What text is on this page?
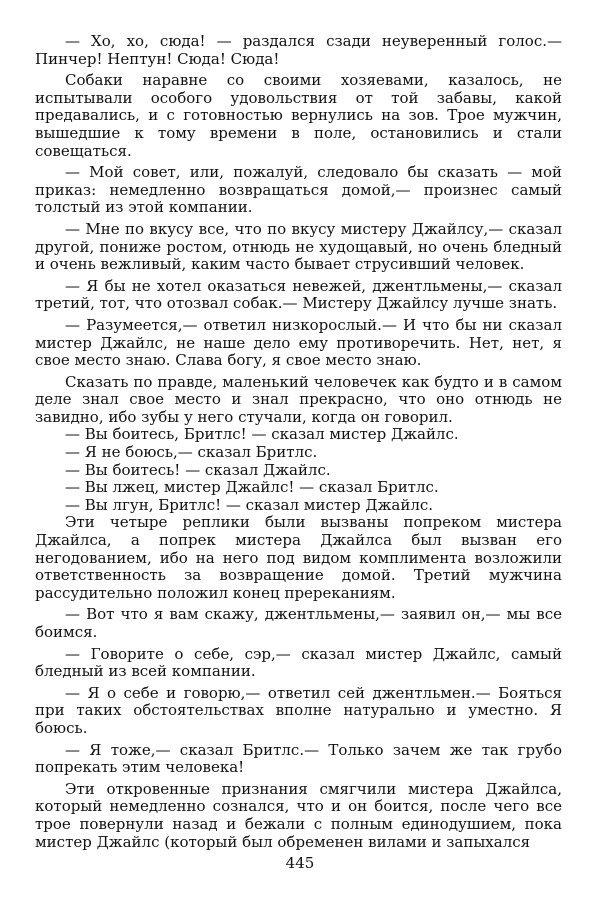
— Хо, хо, сюда! — раздался сзади неуверенный голос.— Пинчер! Нептун! Сюда! Сюда!

Собаки наравне со своими хозяевами, казалось, не испытывали особого удовольствия от той забавы, какой предавались, и с готовностью вернулись на зов. Трое мужчин, вышедшие к тому времени в поле, остановились и стали совещаться.

— Мой совет, или, пожалуй, следовало бы сказать — мой приказ: немедленно возвращаться домой,— произнес самый толстый из этой компании.

— Мне по вкусу все, что по вкусу мистеру Джайлсу,— сказал другой, пониже ростом, отнюдь не худощавый, но очень бледный и очень вежливый, каким часто бывает струсивший человек.

— Я бы не хотел оказаться невежей, джентльмены,— сказал третий, тот, что отозвал собак.— Мистеру Джайлсу лучше знать.

— Разумеется,— ответил низкорослый.— И что бы ни сказал мистер Джайлс, не наше дело ему противоречить. Нет, нет, я свое место знаю. Слава богу, я свое место знаю.

Сказать по правде, маленький человечек как будто и в самом деле знал свое место и знал прекрасно, что оно отнюдь не завидно, ибо зубы у него стучали, когда он говорил.

— Вы боитесь, Бритлс! — сказал мистер Джайлс.

— Я не боюсь,— сказал Бритлс.

— Вы боитесь! — сказал Джайлс.

— Вы лжец, мистер Джайлс! — сказал Бритлс.

— Вы лгун, Бритлс! — сказал мистер Джайлс.

Эти четыре реплики были вызваны попреком мистера Джайлса, а попрек мистера Джайлса был вызван его негодованием, ибо на него под видом комплимента возложили ответственность за возвращение домой. Третий мужчина рассудительно положил конец пререканиям.

— Вот что я вам скажу, джентльмены,— заявил он,— мы все боимся.

— Говорите о себе, сэр,— сказал мистер Джайлс, самый бледный из всей компании.

— Я о себе и говорю,— ответил сей джентльмен.— Бояться при таких обстоятельствах вполне натурально и уместно. Я боюсь.

— Я тоже,— сказал Бритлс.— Только зачем же так грубо попрекать этим человека!

Эти откровенные признания смягчили мистера Джайлса, который немедленно сознался, что и он боится, после чего все трое повернули назад и бежали с полным единодушием, пока мистер Джайлс (который был обременен вилами и запыхался

445
